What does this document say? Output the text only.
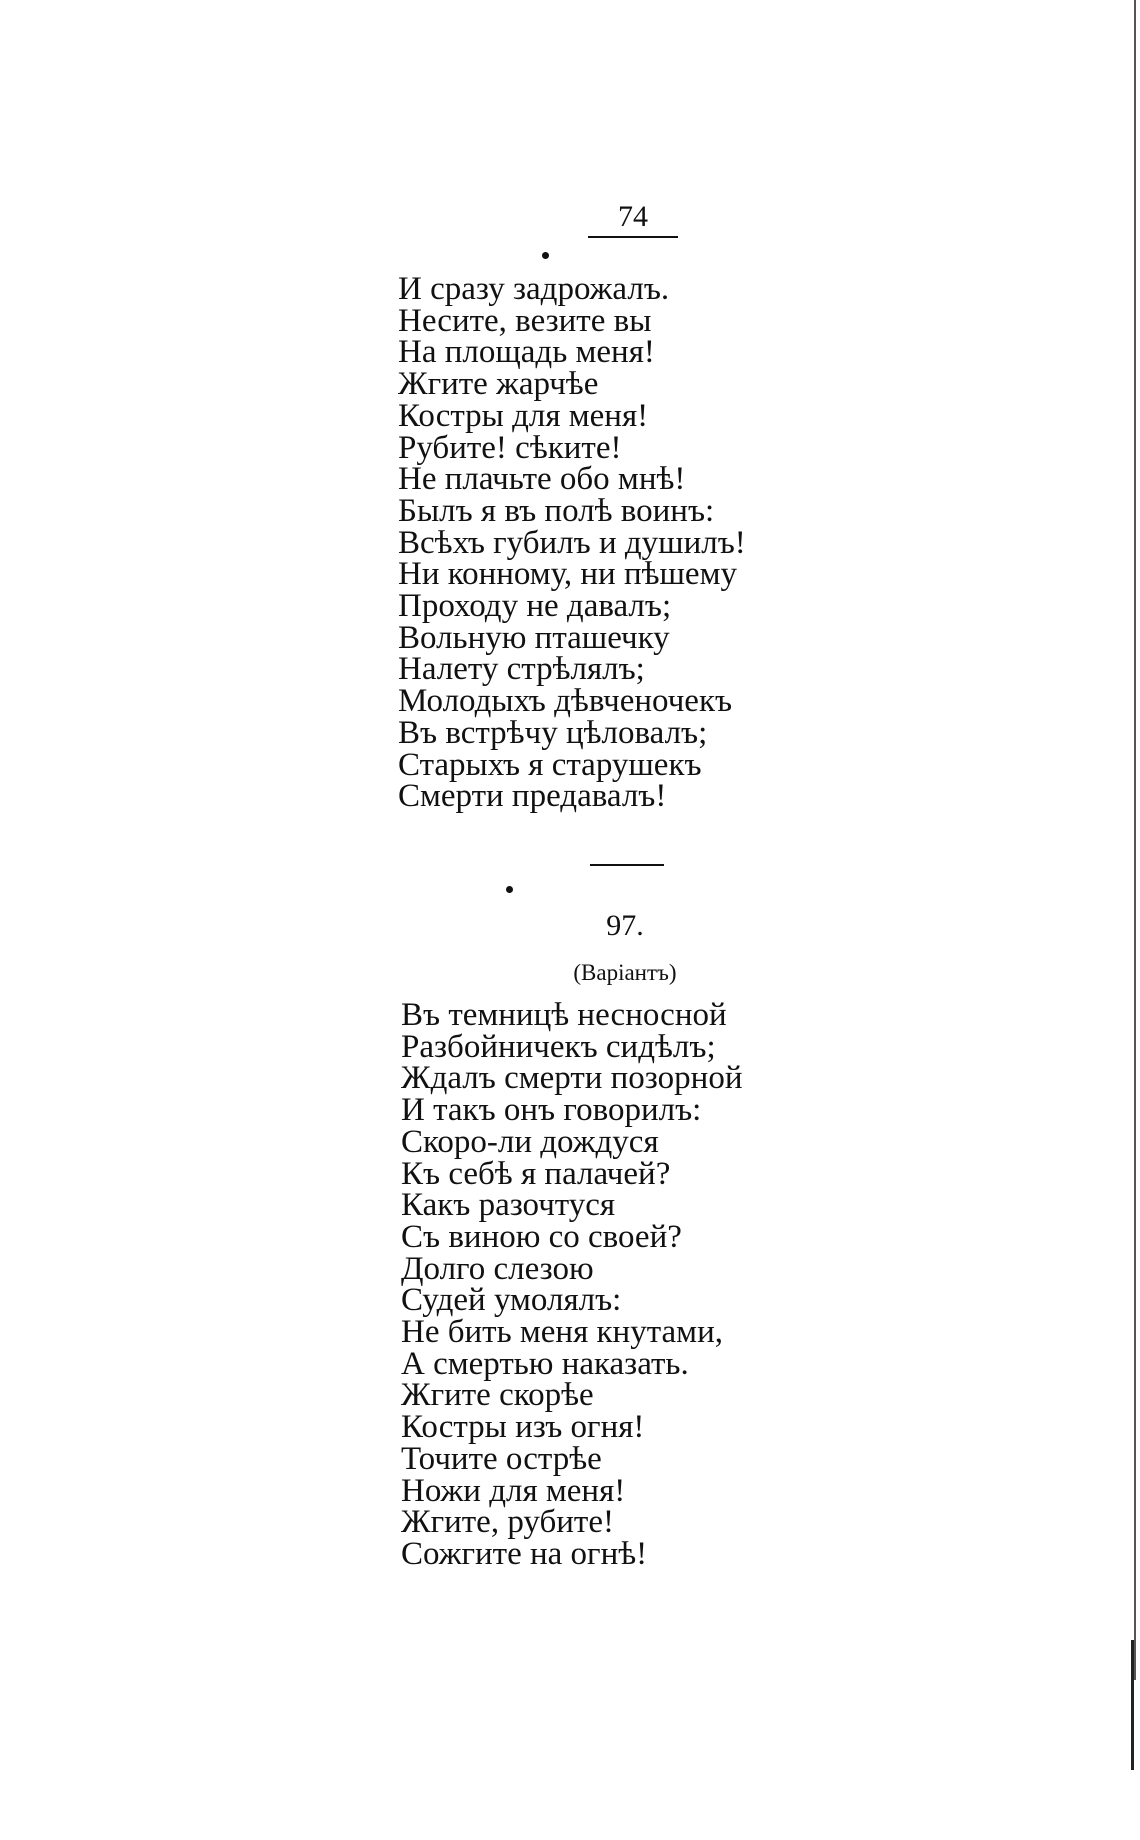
74
И сразу задрожалъ.
Несите, везите вы
На площадь меня!
Жгите жарчѣе
Костры для меня!
Рубите! сѣките!
Не плачьте обо мнѣ!
Былъ я въ полѣ воинъ:
Всѣхъ губилъ и душилъ!
Ни конному, ни пѣшему
Проходу не давалъ;
Вольную пташечку
Налету стрѣлялъ;
Молодыхъ дѣвченочекъ
Въ встрѣчу цѣловалъ;
Старыхъ я старушекъ
Смерти предавалъ!
97.
(Варiантъ)
Въ темницѣ несносной
Разбойничекъ сидѣлъ;
Ждалъ смерти позорной
И такъ онъ говорилъ:
Скоро-ли дождуся
Къ себѣ я палачей?
Какъ разочтуся
Съ виною со своей?
Долго слезою
Судей умолялъ:
Не бить меня кнутами,
А смертью наказать.
Жгите скорѣе
Костры изъ огня!
Точите острѣе
Ножи для меня!
Жгите, рубите!
Сожгите на огнѣ!
